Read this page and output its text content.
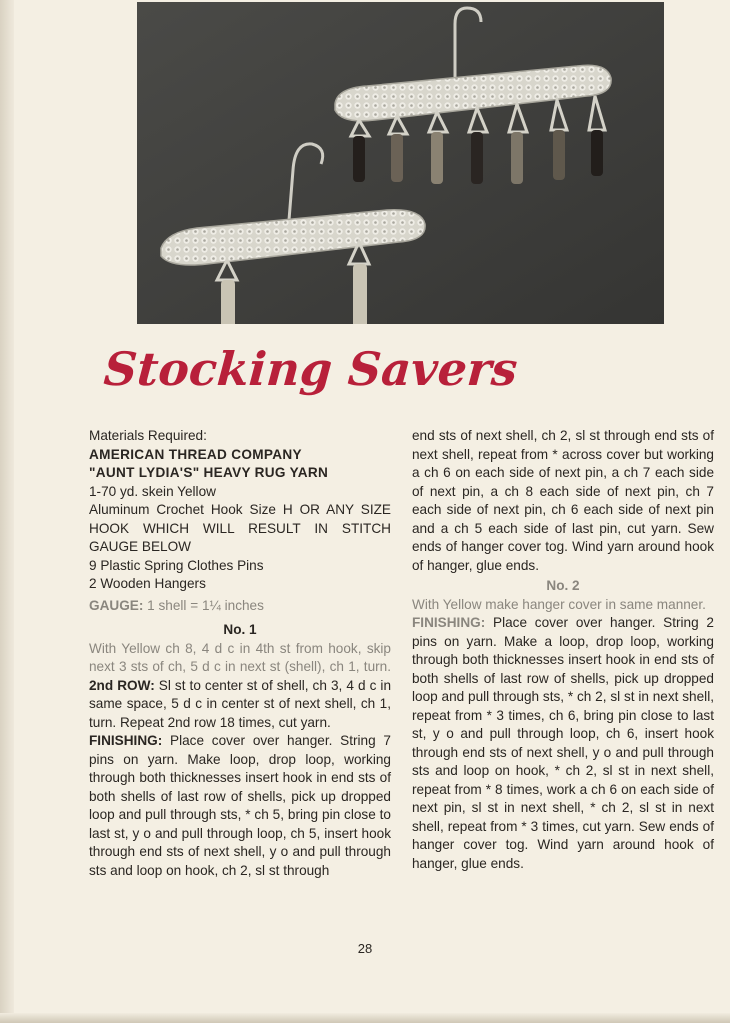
Stocking Savers

Materials Required:

AMERICAN THREAD COMPANY

"AUNT LYDIA'S" HEAVY RUG YARN

1-70 yd. skein Yellow

Aluminum Crochet Hook Size H OR ANY SIZE HOOK WHICH WILL RESULT IN STITCH GAUGE BELOW

9 Plastic Spring Clothes Pins

2 Wooden Hangers

GAUGE: 1 shell = 1¼ inches

No. 1

With Yellow ch 8, 4 d c in 4th st from hook, skip next 3 sts of ch, 5 d c in next st (shell), ch 1, turn. 2nd ROW: Sl st to center st of shell, ch 3, 4 d c in same space, 5 d c in center st of next shell, ch 1, turn. Repeat 2nd row 18 times, cut yarn.

FINISHING: Place cover over hanger. String 7 pins on yarn. Make loop, drop loop, working through both thicknesses insert hook in end sts of both shells of last row of shells, pick up dropped loop and pull through sts, * ch 5, bring pin close to last st, y o and pull through loop, ch 5, insert hook through end sts of next shell, y o and pull through sts and loop on hook, ch 2, sl st through

end sts of next shell, ch 2, sl st through end sts of next shell, repeat from * across cover but working a ch 6 on each side of next pin, a ch 7 each side of next pin, a ch 8 each side of next pin, ch 7 each side of next pin, ch 6 each side of next pin and a ch 5 each side of last pin, cut yarn. Sew ends of hanger cover tog. Wind yarn around hook of hanger, glue ends.

No. 2

With Yellow make hanger cover in same manner.

FINISHING: Place cover over hanger. String 2 pins on yarn. Make a loop, drop loop, working through both thicknesses insert hook in end sts of both shells of last row of shells, pick up dropped loop and pull through sts, * ch 2, sl st in next shell, repeat from * 3 times, ch 6, bring pin close to last st, y o and pull through loop, ch 6, insert hook through end sts of next shell, y o and pull through sts and loop on hook, * ch 2, sl st in next shell, repeat from * 8 times, work a ch 6 on each side of next pin, sl st in next shell, * ch 2, sl st in next shell, repeat from * 3 times, cut yarn. Sew ends of hanger cover tog. Wind yarn around hook of hanger, glue ends.

28
